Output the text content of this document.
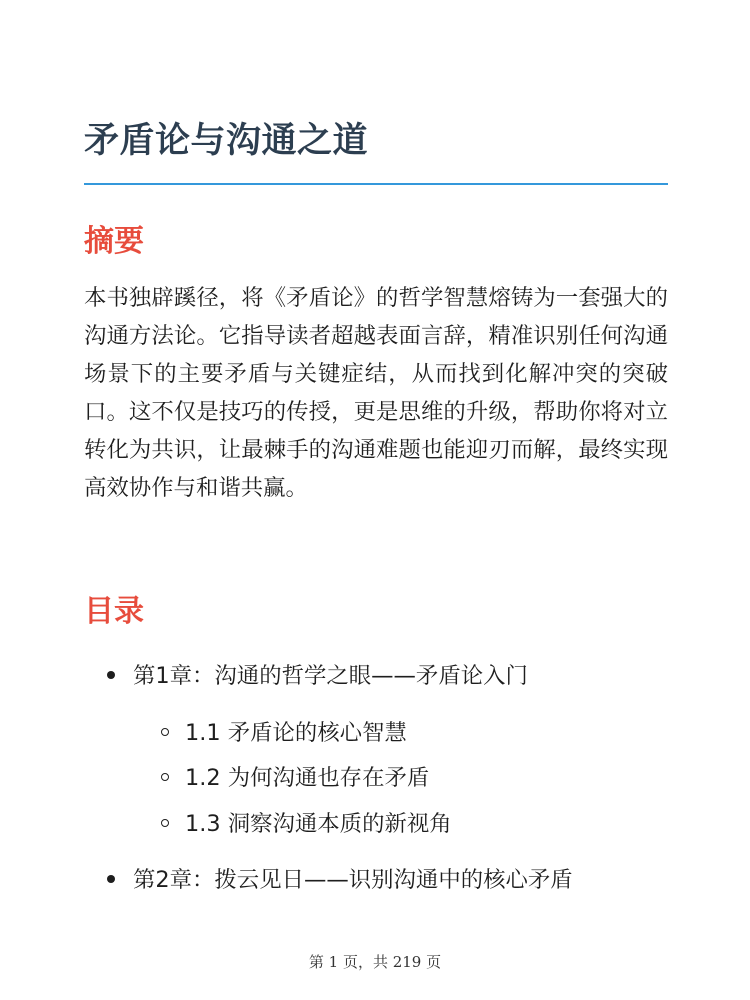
矛盾论与沟通之道
摘要

本书独辟蹊径，将《矛盾论》的哲学智慧熔铸为一套强大的沟通方法论。它指导读者超越表面言辞，精准识别任何沟通场景下的主要矛盾与关键症结，从而找到化解冲突的突破口。这不仅是技巧的传授，更是思维的升级，帮助你将对立转化为共识，让最棘手的沟通难题也能迎刃而解，最终实现高效协作与和谐共赢。

目录
第1章：沟通的哲学之眼——矛盾论入门
1.1 矛盾论的核心智慧
1.2 为何沟通也存在矛盾
1.3 洞察沟通本质的新视角
第2章：拨云见日——识别沟通中的核心矛盾
第 1 页，共 219 页
